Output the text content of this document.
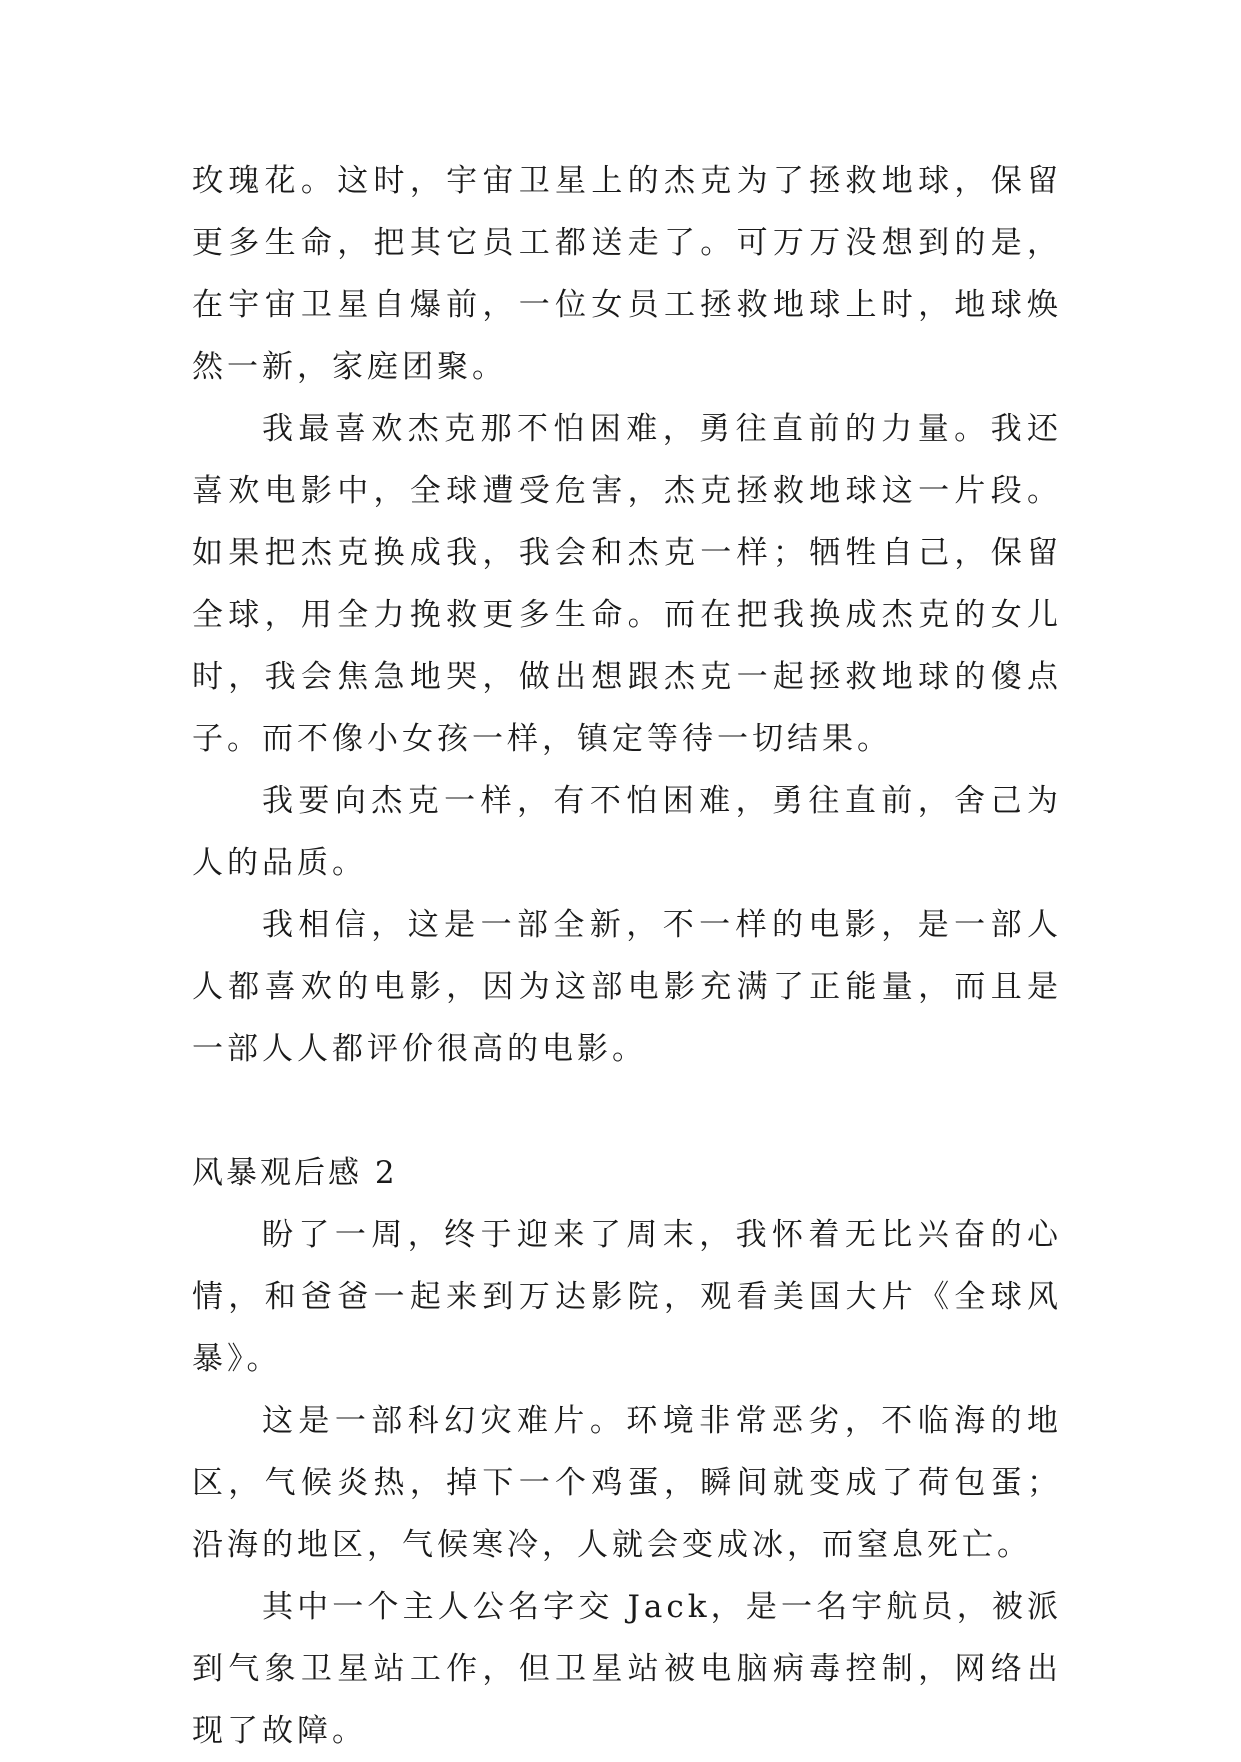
玫瑰花。这时，宇宙卫星上的杰克为了拯救地球，保留更多生命，把其它员工都送走了。可万万没想到的是，在宇宙卫星自爆前，一位女员工拯救地球上时，地球焕然一新，家庭团聚。

我最喜欢杰克那不怕困难，勇往直前的力量。我还喜欢电影中，全球遭受危害，杰克拯救地球这一片段。如果把杰克换成我，我会和杰克一样；牺牲自己，保留全球，用全力挽救更多生命。而在把我换成杰克的女儿时，我会焦急地哭，做出想跟杰克一起拯救地球的傻点子。而不像小女孩一样，镇定等待一切结果。

我要向杰克一样，有不怕困难，勇往直前，舍己为人的品质。

我相信，这是一部全新，不一样的电影，是一部人人都喜欢的电影，因为这部电影充满了正能量，而且是一部人人都评价很高的电影。

风暴观后感 2

盼了一周，终于迎来了周末，我怀着无比兴奋的心情，和爸爸一起来到万达影院，观看美国大片《全球风暴》。

这是一部科幻灾难片。环境非常恶劣，不临海的地区，气候炎热，掉下一个鸡蛋，瞬间就变成了荷包蛋；沿海的地区，气候寒冷，人就会变成冰，而窒息死亡。

其中一个主人公名字交 Jack，是一名宇航员，被派到气象卫星站工作，但卫星站被电脑病毒控制，网络出现了故障。
